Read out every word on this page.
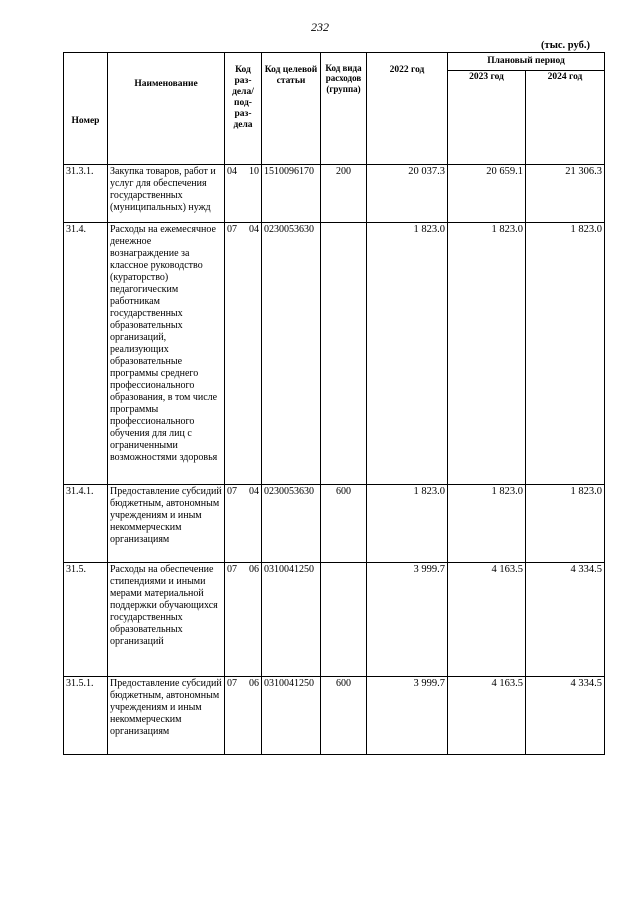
232
(тыс. руб.)
Номер	Наименование	Код раз-дела/ под-раз-дела	Код целевой статьи	Код вида расходов (группа)	2022 год	Плановый период	
						2023 год	2024 год
31.3.1.	Закупка товаров, работ и услуг для обеспечения государственных (муниципальных) нужд	04 10	1510096170	200	20 037.3	20 659.1	21 306.3
31.4.	Расходы на ежемесячное денежное вознаграждение за классное руководство (кураторство) педагогическим работникам государственных образовательных организаций, реализующих образовательные программы среднего профессионального образования, в том числе программы профессионального обучения для лиц с ограниченными возможностями здоровья	07 04	0230053630		1 823.0	1 823.0	1 823.0
31.4.1.	Предоставление субсидий бюджетным, автономным учреждениям и иным некоммерческим организациям	07 04	0230053630	600	1 823.0	1 823.0	1 823.0
31.5.	Расходы на обеспечение стипендиями и иными мерами материальной поддержки обучающихся государственных образовательных организаций	07 06	0310041250		3 999.7	4 163.5	4 334.5
31.5.1.	Предоставление субсидий бюджетным, автономным учреждениям и иным некоммерческим организациям	07 06	0310041250	600	3 999.7	4 163.5	4 334.5
